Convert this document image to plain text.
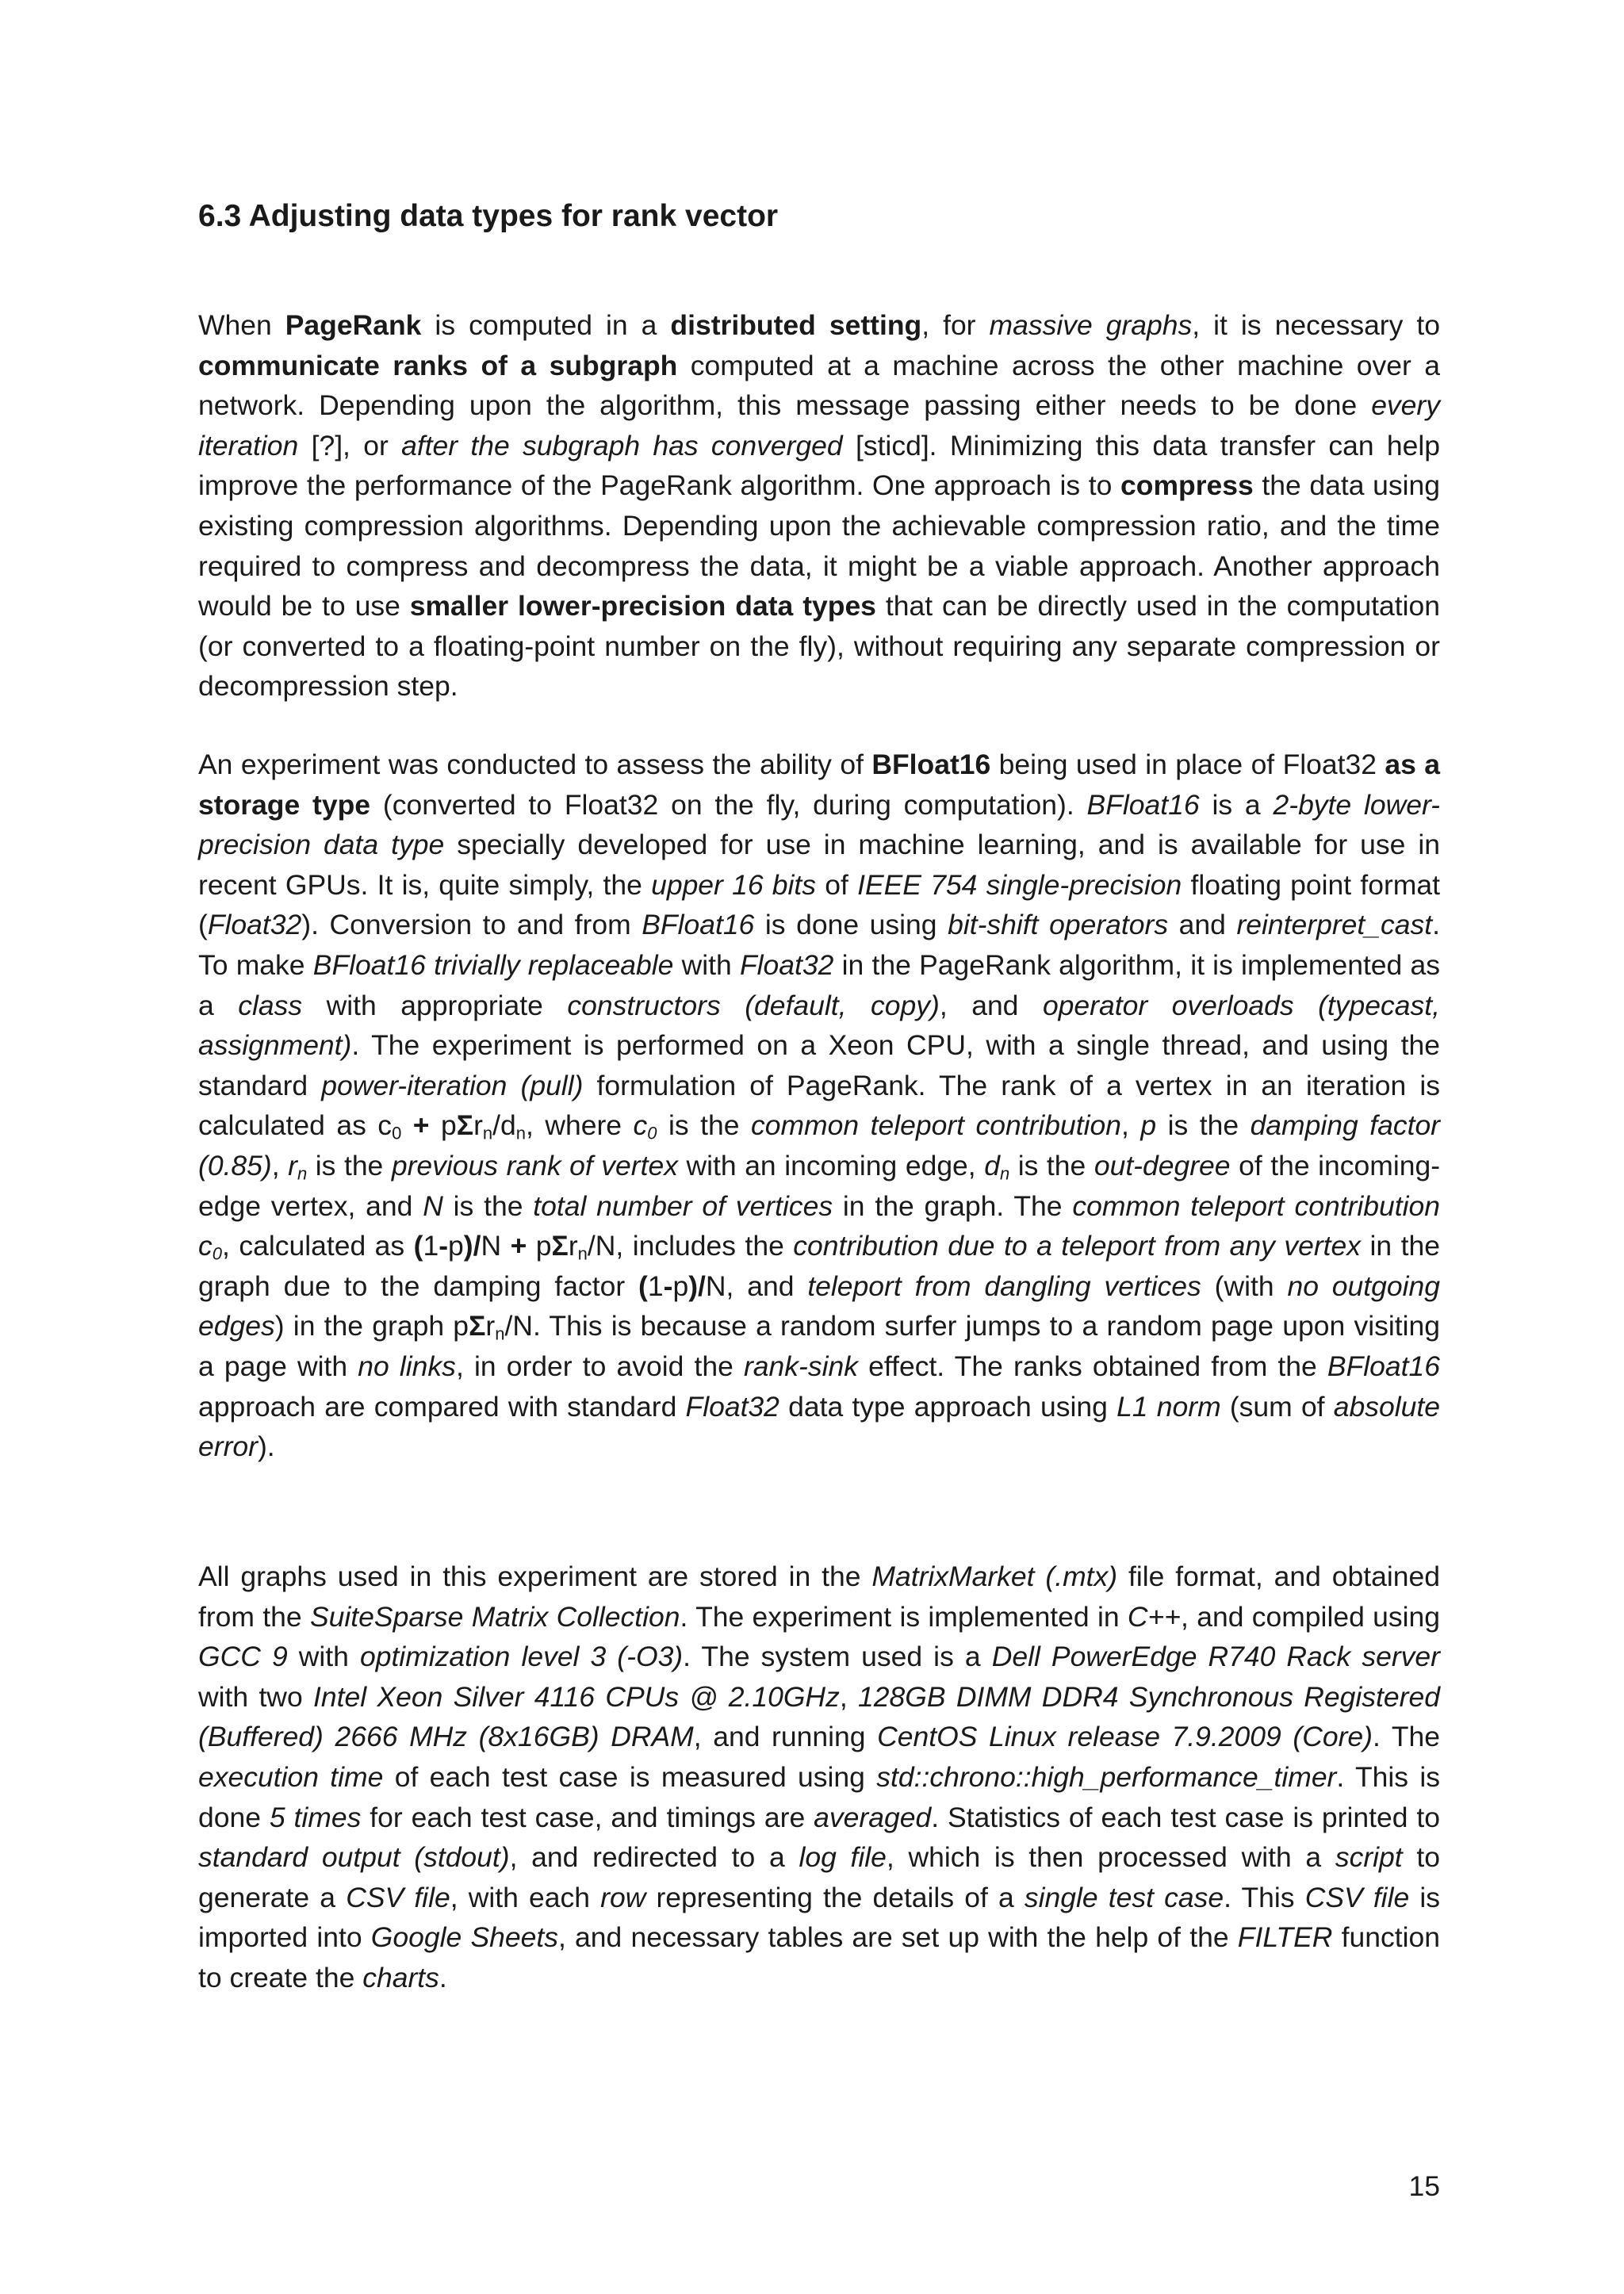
6.3 Adjusting data types for rank vector

When PageRank is computed in a distributed setting, for massive graphs, it is necessary to communicate ranks of a subgraph computed at a machine across the other machine over a network. Depending upon the algorithm, this message passing either needs to be done every iteration [?], or after the subgraph has converged [sticd]. Minimizing this data transfer can help improve the performance of the PageRank algorithm. One approach is to compress the data using existing compression algorithms. Depending upon the achievable compression ratio, and the time required to compress and decompress the data, it might be a viable approach. Another approach would be to use smaller lower-precision data types that can be directly used in the computation (or converted to a floating-point number on the fly), without requiring any separate compression or decompression step.

An experiment was conducted to assess the ability of BFloat16 being used in place of Float32 as a storage type (converted to Float32 on the fly, during computation). BFloat16 is a 2-byte lower-precision data type specially developed for use in machine learning, and is available for use in recent GPUs. It is, quite simply, the upper 16 bits of IEEE 754 single-precision floating point format (Float32). Conversion to and from BFloat16 is done using bit-shift operators and reinterpret_cast. To make BFloat16 trivially replaceable with Float32 in the PageRank algorithm, it is implemented as a class with appropriate constructors (default, copy), and operator overloads (typecast, assignment). The experiment is performed on a Xeon CPU, with a single thread, and using the standard power-iteration (pull) formulation of PageRank. The rank of a vertex in an iteration is calculated as $c_0 + p\Sigma r_n/d_n$, where $c_0$ is the common teleport contribution, p is the damping factor (0.85), $r_n$ is the previous rank of vertex with an incoming edge, $d_n$ is the out-degree of the incoming-edge vertex, and N is the total number of vertices in the graph. The common teleport contribution $c_0$, calculated as (1-p)/N + pΣr$_n$/N, includes the contribution due to a teleport from any vertex in the graph due to the damping factor (1-p)/N, and teleport from dangling vertices (with no outgoing edges) in the graph pΣr$_n$/N. This is because a random surfer jumps to a random page upon visiting a page with no links, in order to avoid the rank-sink effect. The ranks obtained from the BFloat16 approach are compared with standard Float32 data type approach using L1 norm (sum of absolute error).

All graphs used in this experiment are stored in the MatrixMarket (.mtx) file format, and obtained from the SuiteSparse Matrix Collection. The experiment is implemented in C++, and compiled using GCC 9 with optimization level 3 (-O3). The system used is a Dell PowerEdge R740 Rack server with two Intel Xeon Silver 4116 CPUs @ 2.10GHz, 128GB DIMM DDR4 Synchronous Registered (Buffered) 2666 MHz (8x16GB) DRAM, and running CentOS Linux release 7.9.2009 (Core). The execution time of each test case is measured using std::chrono::high_performance_timer. This is done 5 times for each test case, and timings are averaged. Statistics of each test case is printed to standard output (stdout), and redirected to a log file, which is then processed with a script to generate a CSV file, with each row representing the details of a single test case. This CSV file is imported into Google Sheets, and necessary tables are set up with the help of the FILTER function to create the charts.

15
